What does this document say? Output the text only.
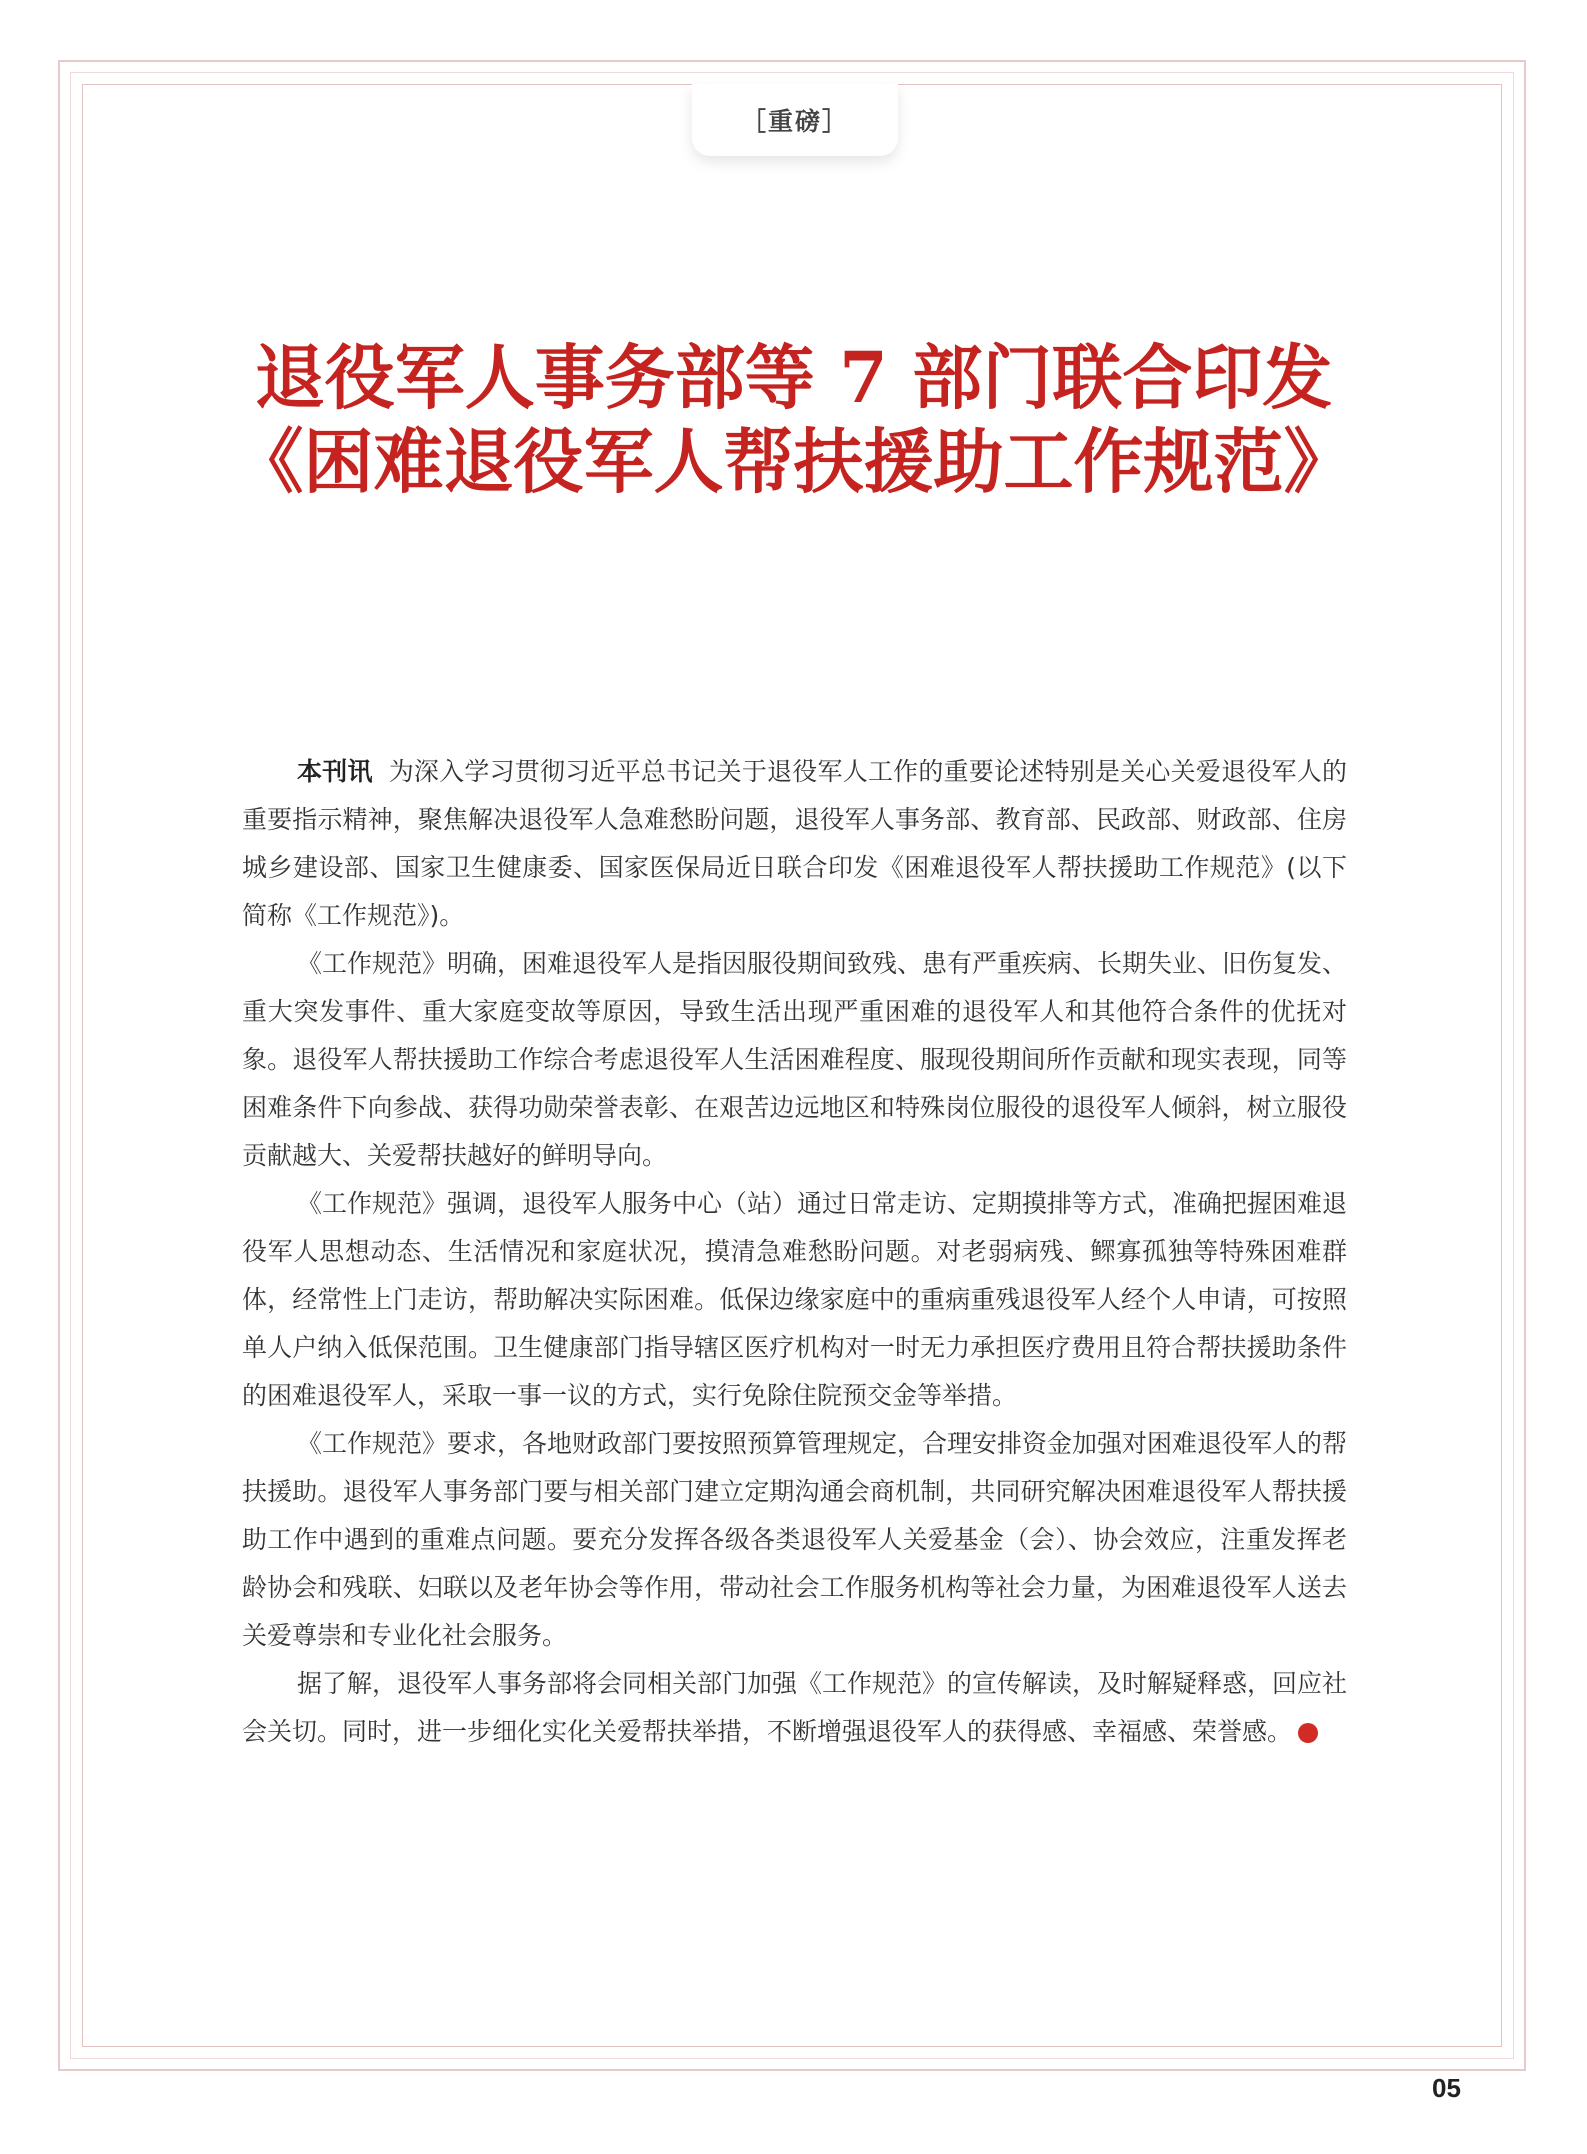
［重磅］
退役军人事务部等 7 部门联合印发
《困难退役军人帮扶援助工作规范》

本刊讯 为深入学习贯彻习近平总书记关于退役军人工作的重要论述特别是关心关爱退役军人的重要指示精神，聚焦解决退役军人急难愁盼问题，退役军人事务部、教育部、民政部、财政部、住房城乡建设部、国家卫生健康委、国家医保局近日联合印发《困难退役军人帮扶援助工作规范》(以下简称《工作规范》)。

《工作规范》明确，困难退役军人是指因服役期间致残、患有严重疾病、长期失业、旧伤复发、重大突发事件、重大家庭变故等原因，导致生活出现严重困难的退役军人和其他符合条件的优抚对象。退役军人帮扶援助工作综合考虑退役军人生活困难程度、服现役期间所作贡献和现实表现，同等困难条件下向参战、获得功勋荣誉表彰、在艰苦边远地区和特殊岗位服役的退役军人倾斜，树立服役贡献越大、关爱帮扶越好的鲜明导向。

《工作规范》强调，退役军人服务中心（站）通过日常走访、定期摸排等方式，准确把握困难退役军人思想动态、生活情况和家庭状况，摸清急难愁盼问题。对老弱病残、鳏寡孤独等特殊困难群体，经常性上门走访，帮助解决实际困难。低保边缘家庭中的重病重残退役军人经个人申请，可按照单人户纳入低保范围。卫生健康部门指导辖区医疗机构对一时无力承担医疗费用且符合帮扶援助条件的困难退役军人，采取一事一议的方式，实行免除住院预交金等举措。

《工作规范》要求，各地财政部门要按照预算管理规定，合理安排资金加强对困难退役军人的帮扶援助。退役军人事务部门要与相关部门建立定期沟通会商机制，共同研究解决困难退役军人帮扶援助工作中遇到的重难点问题。要充分发挥各级各类退役军人关爱基金（会）、协会效应，注重发挥老龄协会和残联、妇联以及老年协会等作用，带动社会工作服务机构等社会力量，为困难退役军人送去关爱尊崇和专业化社会服务。

据了解，退役军人事务部将会同相关部门加强《工作规范》的宣传解读，及时解疑释惑，回应社会关切。同时，进一步细化实化关爱帮扶举措，不断增强退役军人的获得感、幸福感、荣誉感。	N

05
